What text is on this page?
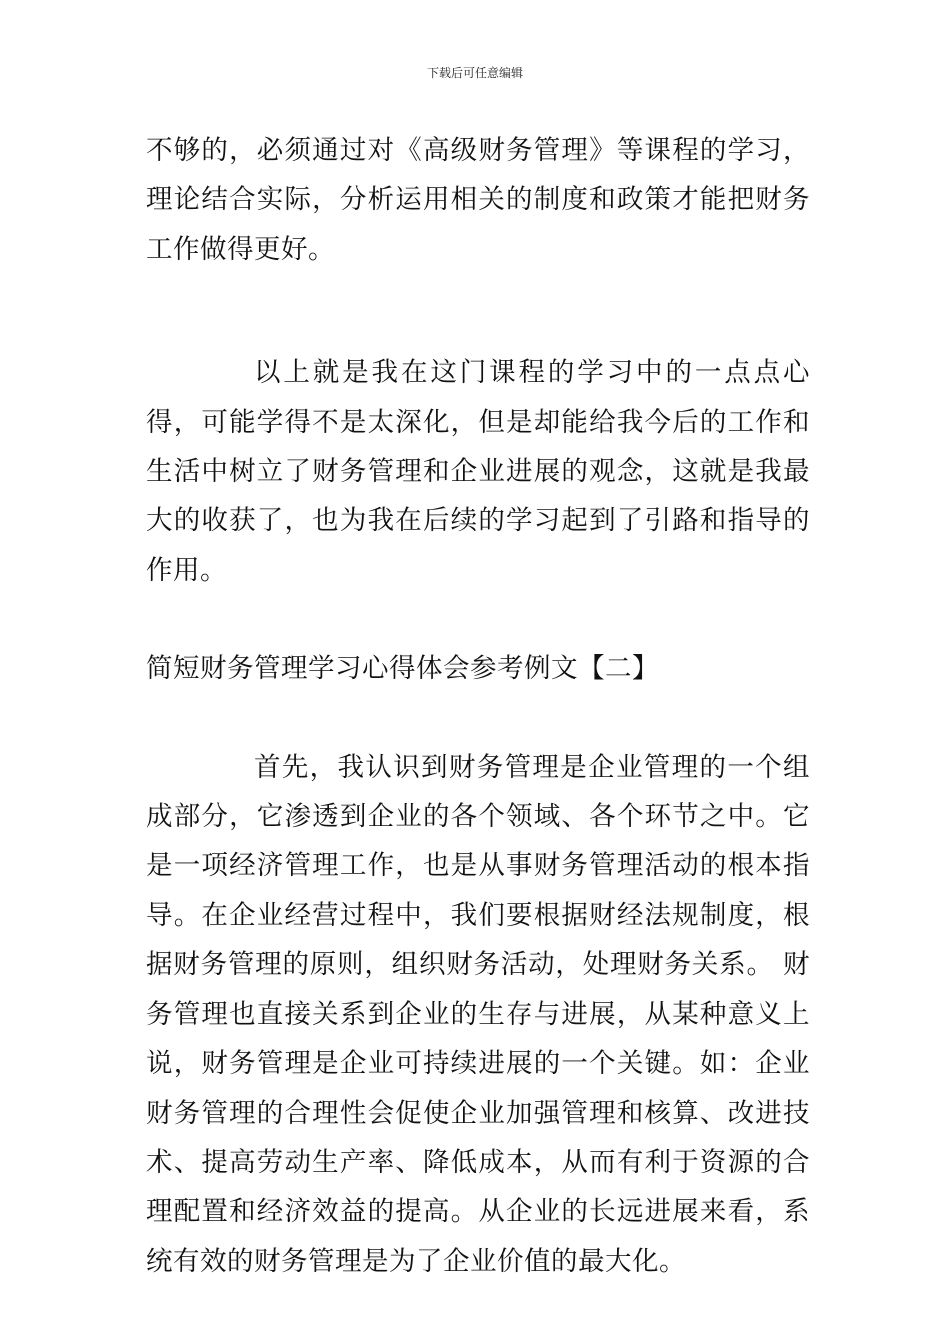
下载后可任意编辑

不够的，必须通过对《高级财务管理》等课程的学习，理论结合实际，分析运用相关的制度和政策才能把财务工作做得更好。

以上就是我在这门课程的学习中的一点点心得，可能学得不是太深化，但是却能给我今后的工作和生活中树立了财务管理和企业进展的观念，这就是我最大的收获了，也为我在后续的学习起到了引路和指导的作用。

简短财务管理学习心得体会参考例文【二】

首先，我认识到财务管理是企业管理的一个组成部分，它渗透到企业的各个领域、各个环节之中。它是一项经济管理工作，也是从事财务管理活动的根本指导。在企业经营过程中，我们要根据财经法规制度，根据财务管理的原则，组织财务活动，处理财务关系。 财务管理也直接关系到企业的生存与进展，从某种意义上说，财务管理是企业可持续进展的一个关键。如：企业财务管理的合理性会促使企业加强管理和核算、改进技术、提高劳动生产率、降低成本，从而有利于资源的合理配置和经济效益的提高。从企业的长远进展来看，系统有效的财务管理是为了企业价值的最大化。
